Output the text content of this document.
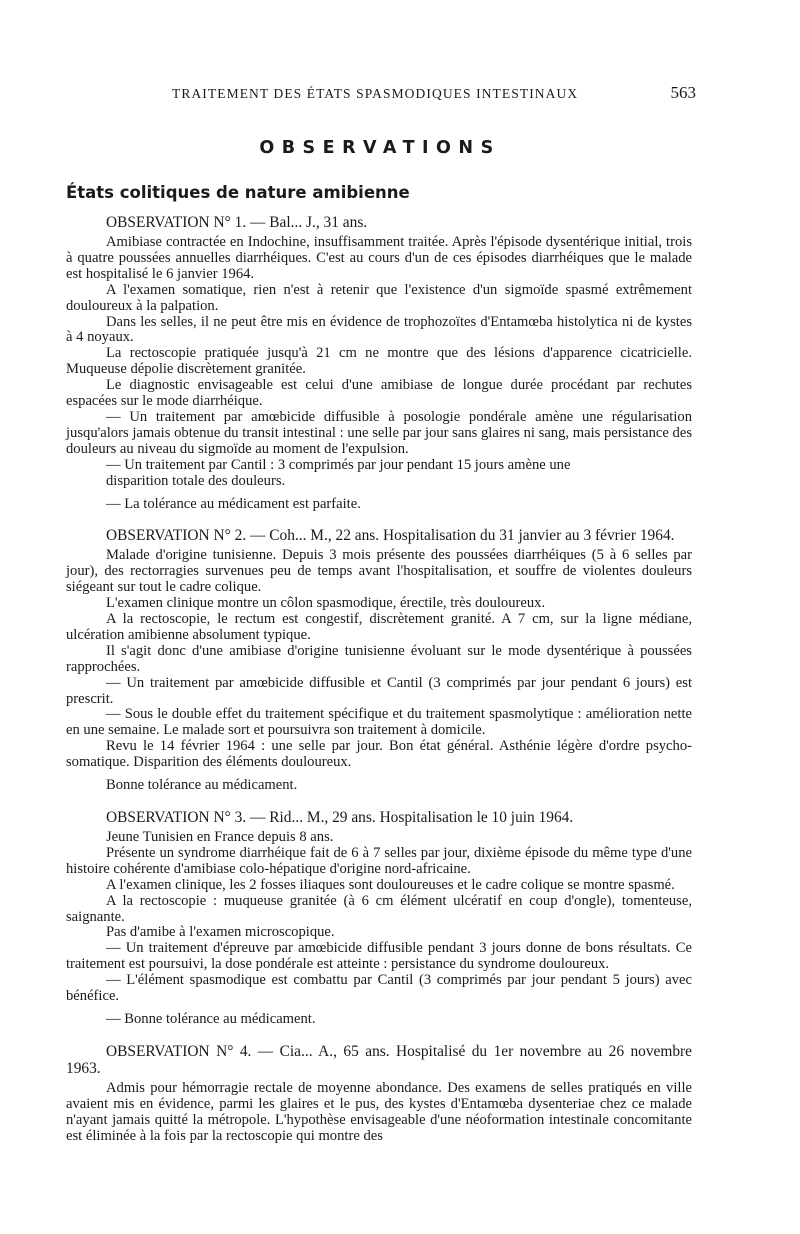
TRAITEMENT DES ÉTATS SPASMODIQUES INTESTINAUX	563
OBSERVATIONS
États colitiques de nature amibienne

OBSERVATION N° 1. — Bal... J., 31 ans.

Amibiase contractée en Indochine, insuffisamment traitée. Après l'épisode dysentérique initial, trois à quatre poussées annuelles diarrhéiques. C'est au cours d'un de ces épisodes diarrhéiques que le malade est hospitalisé le 6 janvier 1964.

A l'examen somatique, rien n'est à retenir que l'existence d'un sigmoïde spasmé extrêmement douloureux à la palpation.

Dans les selles, il ne peut être mis en évidence de trophozoïtes d'Entamœba histolytica ni de kystes à 4 noyaux.

La rectoscopie pratiquée jusqu'à 21 cm ne montre que des lésions d'apparence cicatricielle. Muqueuse dépolie discrètement granitée.

Le diagnostic envisageable est celui d'une amibiase de longue durée procédant par rechutes espacées sur le mode diarrhéique.

— Un traitement par amœbicide diffusible à posologie pondérale amène une régularisation jusqu'alors jamais obtenue du transit intestinal : une selle par jour sans glaires ni sang, mais persistance des douleurs au niveau du sigmoïde au moment de l'expulsion.

— Un traitement par Cantil : 3 comprimés par jour pendant 15 jours amène une

disparition totale des douleurs.

— La tolérance au médicament est parfaite.

OBSERVATION N° 2. — Coh... M., 22 ans. Hospitalisation du 31 janvier au 3 février 1964.

Malade d'origine tunisienne. Depuis 3 mois présente des poussées diarrhéiques (5 à 6 selles par jour), des rectorragies survenues peu de temps avant l'hospitalisation, et souffre de violentes douleurs siégeant sur tout le cadre colique.

L'examen clinique montre un côlon spasmodique, érectile, très douloureux.

A la rectoscopie, le rectum est congestif, discrètement granité. A 7 cm, sur la ligne médiane, ulcération amibienne absolument typique.

Il s'agit donc d'une amibiase d'origine tunisienne évoluant sur le mode dysentérique à poussées rapprochées.

— Un traitement par amœbicide diffusible et Cantil (3 comprimés par jour pendant 6 jours) est prescrit.

— Sous le double effet du traitement spécifique et du traitement spasmolytique : amélioration nette en une semaine. Le malade sort et poursuivra son traitement à domicile.

Revu le 14 février 1964 : une selle par jour. Bon état général. Asthénie légère d'ordre psycho-somatique. Disparition des éléments douloureux.

Bonne tolérance au médicament.

OBSERVATION N° 3. — Rid... M., 29 ans. Hospitalisation le 10 juin 1964.

Jeune Tunisien en France depuis 8 ans.

Présente un syndrome diarrhéique fait de 6 à 7 selles par jour, dixième épisode du même type d'une histoire cohérente d'amibiase colo-hépatique d'origine nord-africaine.

A l'examen clinique, les 2 fosses iliaques sont douloureuses et le cadre colique se montre spasmé.

A la rectoscopie : muqueuse granitée (à 6 cm élément ulcératif en coup d'ongle), tomenteuse, saignante.

Pas d'amibe à l'examen microscopique.

— Un traitement d'épreuve par amœbicide diffusible pendant 3 jours donne de bons résultats. Ce traitement est poursuivi, la dose pondérale est atteinte : persistance du syndrome douloureux.

— L'élément spasmodique est combattu par Cantil (3 comprimés par jour pendant 5 jours) avec bénéfice.

— Bonne tolérance au médicament.

OBSERVATION N° 4. — Cia... A., 65 ans. Hospitalisé du 1er novembre au 26 novembre 1963.

Admis pour hémorragie rectale de moyenne abondance. Des examens de selles pratiqués en ville avaient mis en évidence, parmi les glaires et le pus, des kystes d'Entamœba dysenteriae chez ce malade n'ayant jamais quitté la métropole. L'hypothèse envisageable d'une néoformation intestinale concomitante est éliminée à la fois par la rectoscopie qui montre des
